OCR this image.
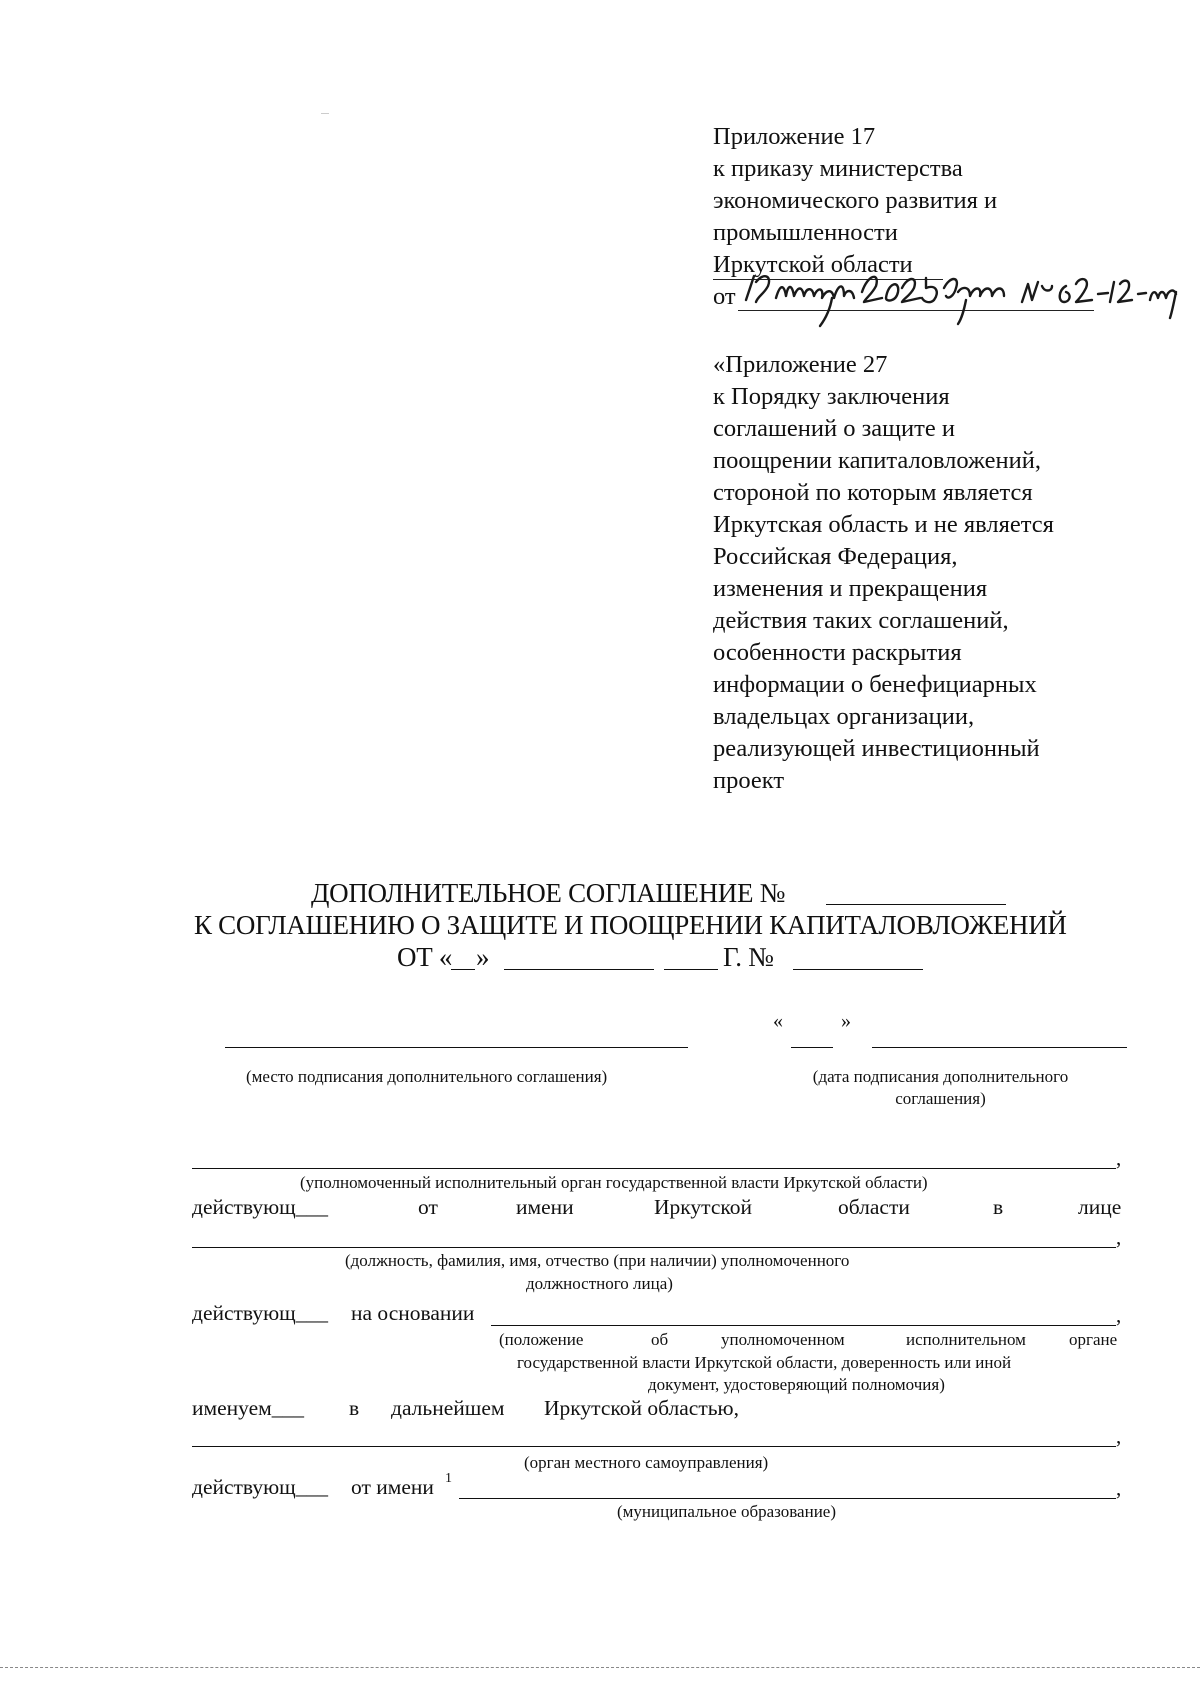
Приложение 17
к приказу министерства
экономического развития и
промышленности
Иркутской области
от
«Приложение 27
к Порядку заключения
соглашений о защите и
поощрении капиталовложений,
стороной по которым является
Иркутская область и не является
Российская Федерация,
изменения и прекращения
действия таких соглашений,
особенности раскрытия
информации о бенефициарных
владельцах организации,
реализующей инвестиционный
проект
ДОПОЛНИТЕЛЬНОЕ СОГЛАШЕНИЕ №
К СОГЛАШЕНИЮ О ЗАЩИТЕ И ПООЩРЕНИИ КАПИТАЛОВЛОЖЕНИЙ
ОТ « »	Г. №
«	»
(место подписания дополнительного соглашения)	(дата подписания дополнительного
соглашения)
,
(уполномоченный исполнительный орган государственной власти Иркутской области)
действующ___	от	имени	Иркутской	области	в	лице
,
(должность, фамилия, имя, отчество (при наличии) уполномоченного
должностного лица)
действующ___ на основании	,
(положение	об	уполномоченном	исполнительном	органе
государственной власти Иркутской области, доверенность или иной
документ, удостоверяющий полномочия)
именуем___ в дальнейшем Иркутской областью,
,
(орган местного самоуправления)
действующ___ от имени 1	,
(муниципальное образование)
